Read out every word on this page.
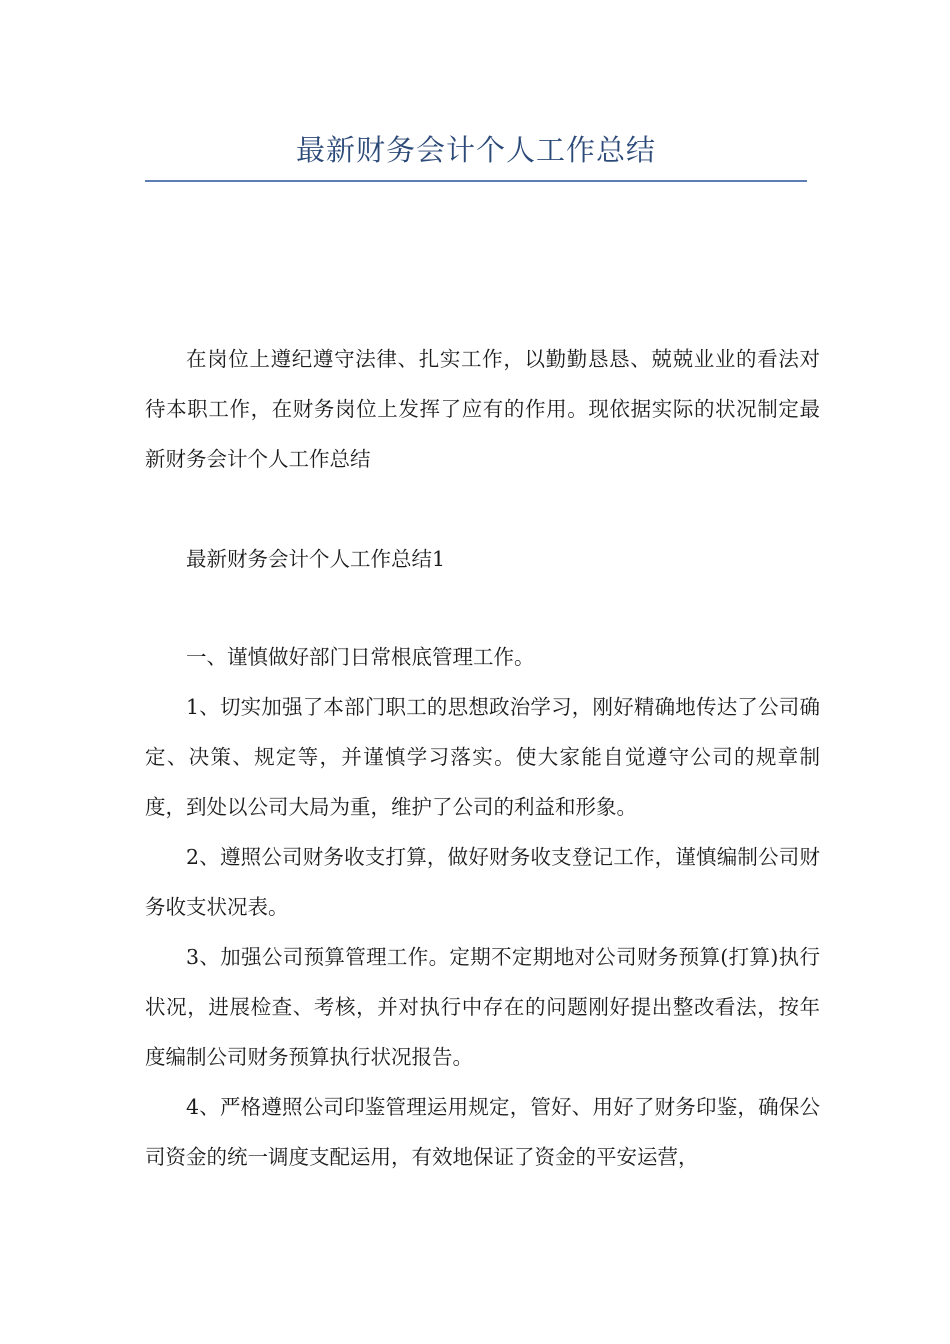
最新财务会计个人工作总结

在岗位上遵纪遵守法律、扎实工作，以勤勤恳恳、兢兢业业的看法对待本职工作，在财务岗位上发挥了应有的作用。现依据实际的状况制定最新财务会计个人工作总结

最新财务会计个人工作总结1

一、谨慎做好部门日常根底管理工作。

1、切实加强了本部门职工的思想政治学习，刚好精确地传达了公司确定、决策、规定等，并谨慎学习落实。使大家能自觉遵守公司的规章制度，到处以公司大局为重，维护了公司的利益和形象。

2、遵照公司财务收支打算，做好财务收支登记工作，谨慎编制公司财务收支状况表。

3、加强公司预算管理工作。定期不定期地对公司财务预算(打算)执行状况，进展检查、考核，并对执行中存在的问题刚好提出整改看法，按年度编制公司财务预算执行状况报告。

4、严格遵照公司印鉴管理运用规定，管好、用好了财务印鉴，确保公司资金的统一调度支配运用，有效地保证了资金的平安运营，
